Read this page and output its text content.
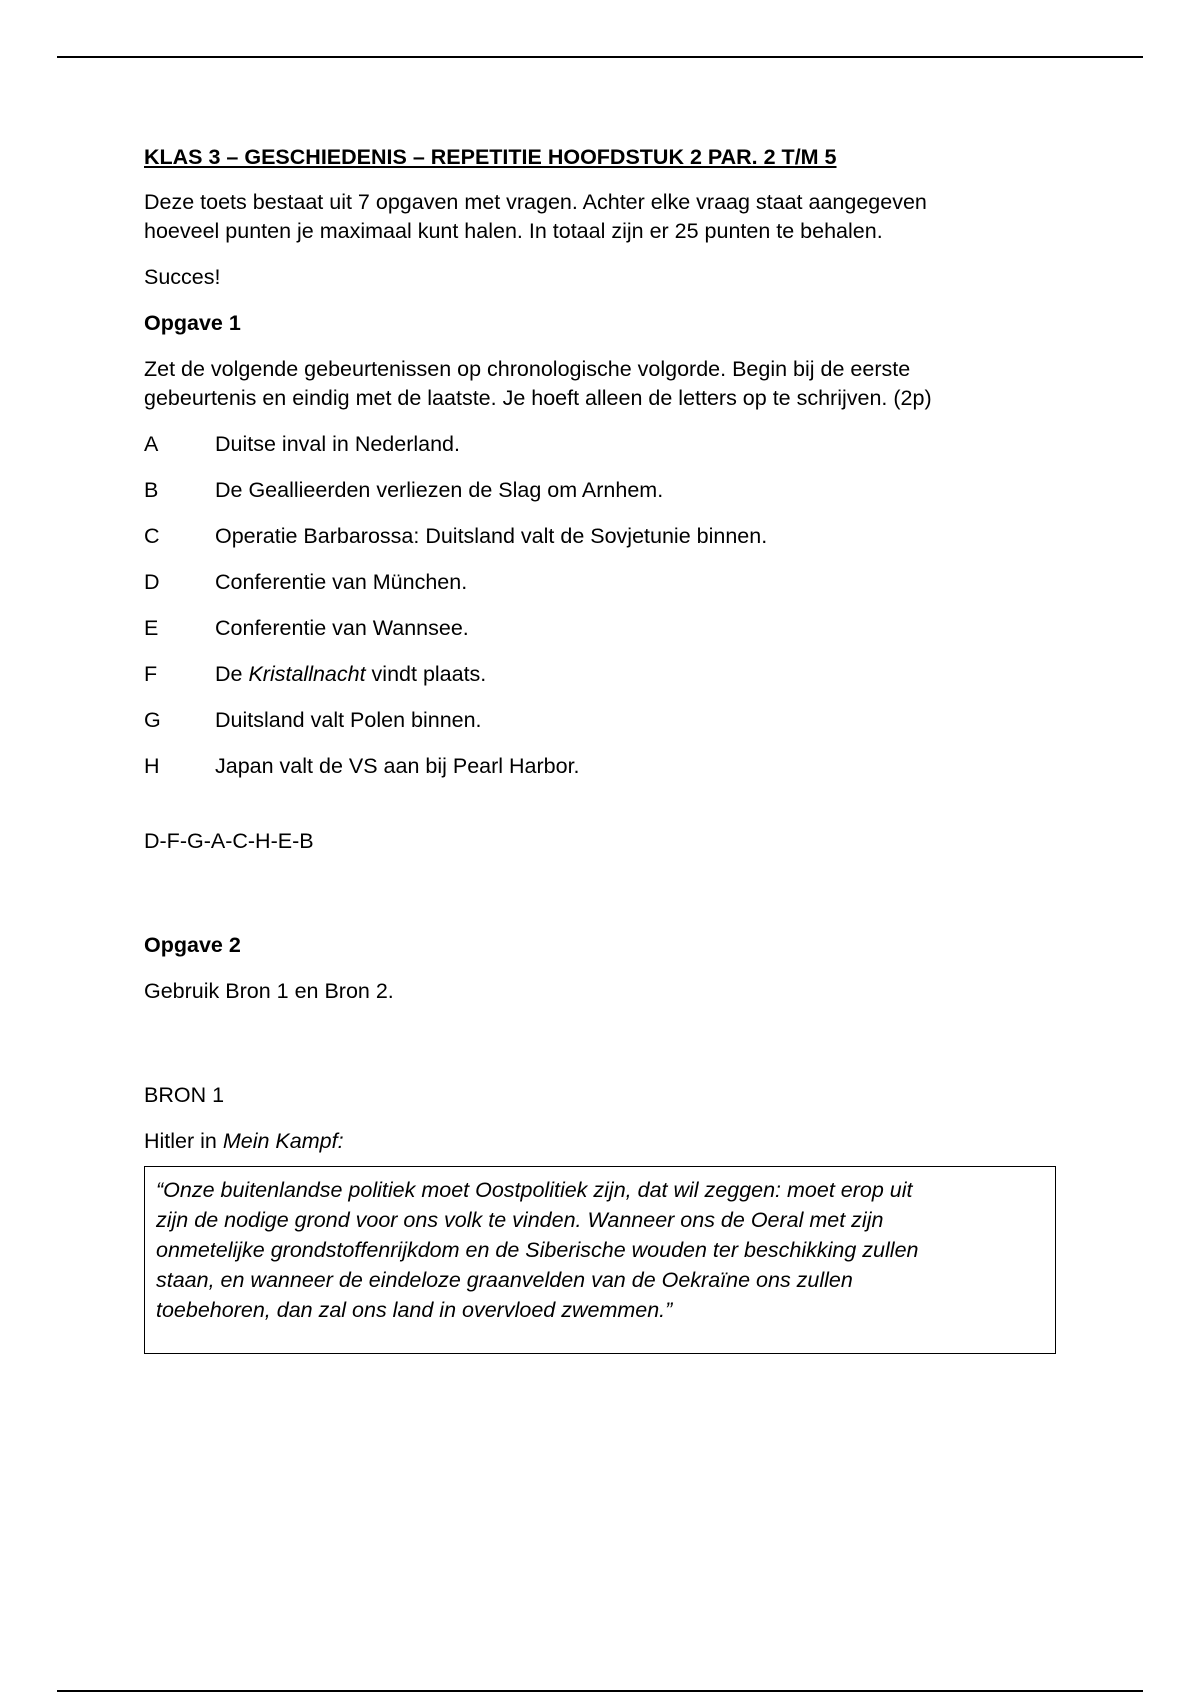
KLAS 3 – GESCHIEDENIS – REPETITIE HOOFDSTUK 2 PAR. 2 T/M 5

Deze toets bestaat uit 7 opgaven met vragen. Achter elke vraag staat aangegeven

hoeveel punten je maximaal kunt halen. In totaal zijn er 25 punten te behalen.

Succes!

Opgave 1

Zet de volgende gebeurtenissen op chronologische volgorde. Begin bij de eerste

gebeurtenis en eindig met de laatste. Je hoeft alleen de letters op te schrijven. (2p)

A	Duitse inval in Nederland.
B	De Geallieerden verliezen de Slag om Arnhem.
C	Operatie Barbarossa: Duitsland valt de Sovjetunie binnen.
D	Conferentie van München.
E	Conferentie van Wannsee.
F	De Kristallnacht vindt plaats.
G	Duitsland valt Polen binnen.
H	Japan valt de VS aan bij Pearl Harbor.

D-F-G-A-C-H-E-B

Opgave 2

Gebruik Bron 1 en Bron 2.

BRON 1

Hitler in Mein Kampf:

“Onze buitenlandse politiek moet Oostpolitiek zijn, dat wil zeggen: moet erop uit

zijn de nodige grond voor ons volk te vinden. Wanneer ons de Oeral met zijn

onmetelijke grondstoffenrijkdom en de Siberische wouden ter beschikking zullen

staan, en wanneer de eindeloze graanvelden van de Oekraïne ons zullen

toebehoren, dan zal ons land in overvloed zwemmen.”
